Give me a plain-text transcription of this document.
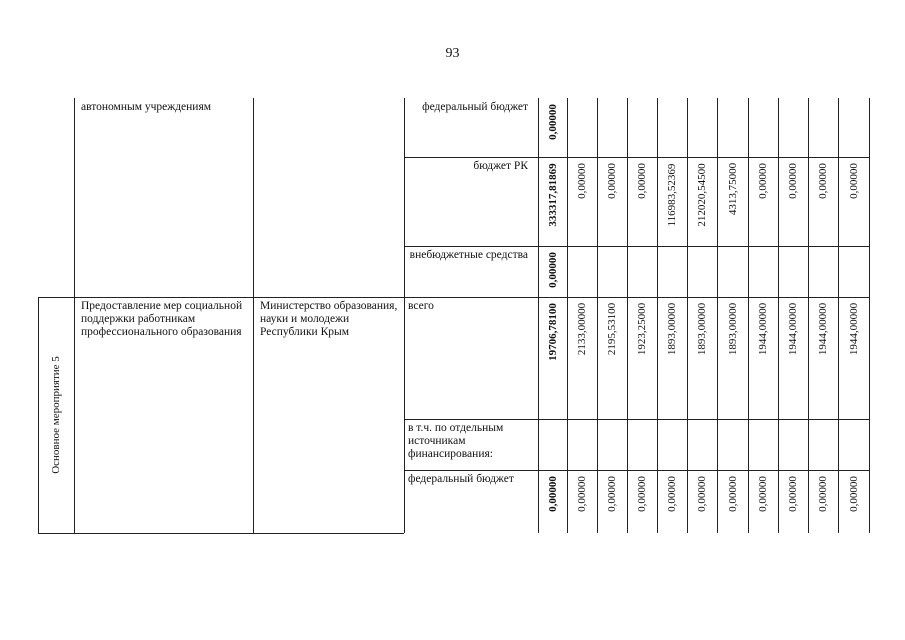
93
автономным учреждениям
Основное мероприятие 5
Предоставление мер социальной поддержки работникам профессионального образования
Министерство образования, науки и молодежи Республики Крым
федеральный бюджет 0,00000
бюджет РК 333317,81869 0,00000 0,00000 0,00000 116983,52369 212020,54500 4313,75000 0,00000 0,00000 0,00000 0,00000
внебюджетные средства 0,00000
всего	19706,78100 2133,00000 2195,53100 1923,25000 1893,00000 1893,00000 1893,00000 1944,00000 1944,00000 1944,00000 1944,00000
в т.ч. по отдельным источникам финансирования:
федеральный бюджет	0,00000 0,00000 0,00000 0,00000 0,00000 0,00000 0,00000 0,00000 0,00000 0,00000 0,00000
